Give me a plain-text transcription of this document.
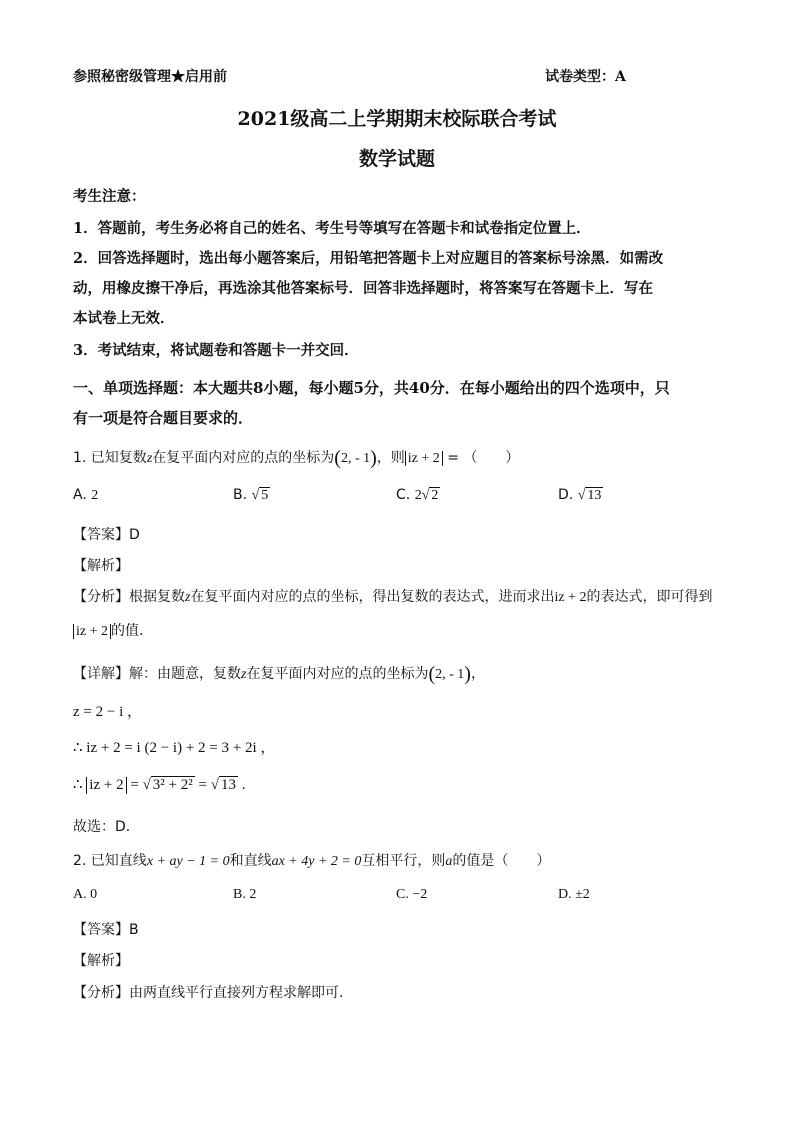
参照秘密级管理★启用前	试卷类型：A
2021级高二上学期期末校际联合考试
数学试题
考生注意：
1．答题前，考生务必将自己的姓名、考生号等填写在答题卡和试卷指定位置上．
2．回答选择题时，选出每小题答案后，用铅笔把答题卡上对应题目的答案标号涂黑．如需改
动，用橡皮擦干净后，再选涂其他答案标号．回答非选择题时，将答案写在答题卡上．写在
本试卷上无效．
3．考试结束，将试题卷和答题卡一并交回．
一、单项选择题：本大题共8小题，每小题5分，共40分．在每小题给出的四个选项中，只
有一项是符合题目要求的．
1. 已知复数z在复平面内对应的点的坐标为(2, - 1)，则 iz + 2 = （　　）
A. 2	B. √ 5	C. 2√ 2	D. √ 13
【答案】D
【解析】
【分析】根据复数z在复平面内对应的点的坐标，得出复数的表达式，进而求出iz + 2的表达式，即可得到
iz + 2 的值.
【详解】解：由题意，复数z在复平面内对应的点的坐标为(2, - 1)，
z = 2 − i ，
∴ iz + 2 = i (2 − i) + 2 = 3 + 2i ，
∴ iz + 2 = √ 3² + 2² = √ 13 .
故选：D.
2. 已知直线x + ay − 1 = 0和直线ax + 4y + 2 = 0互相平行，则a的值是（　　）
A. 0	B. 2	C. −2	D. ±2
【答案】B
【解析】
【分析】由两直线平行直接列方程求解即可.
